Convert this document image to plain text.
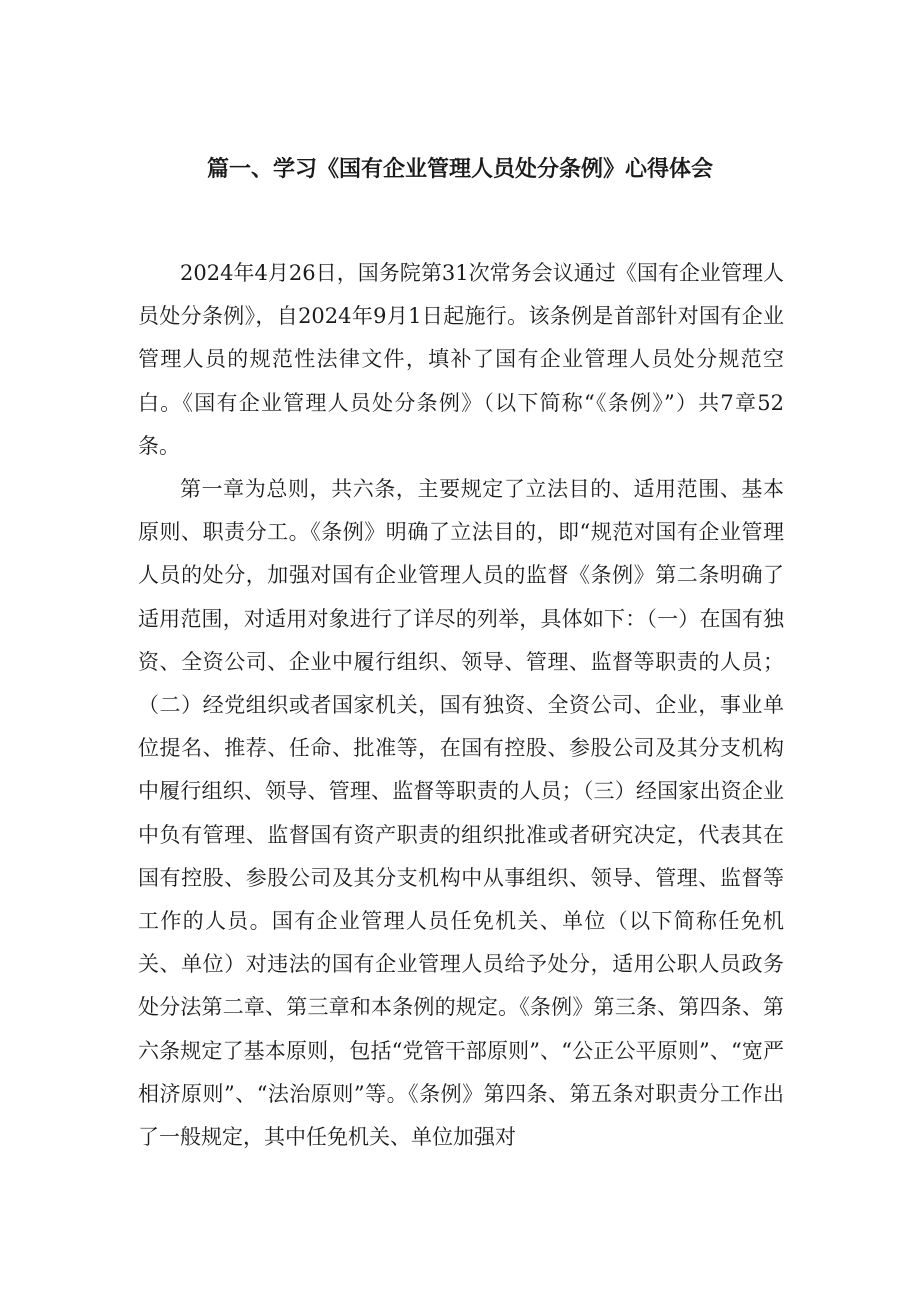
篇一、学习《国有企业管理人员处分条例》心得体会

2024年4月26日，国务院第31次常务会议通过《国有企业管理人员处分条例》，自2024年9月1日起施行。该条例是首部针对国有企业管理人员的规范性法律文件，填补了国有企业管理人员处分规范空白。《国有企业管理人员处分条例》（以下简称“《条例》”）共7章52条。

第一章为总则，共六条，主要规定了立法目的、适用范围、基本原则、职责分工。《条例》明确了立法目的，即“规范对国有企业管理人员的处分，加强对国有企业管理人员的监督《条例》第二条明确了适用范围，对适用对象进行了详尽的列举，具体如下：（一）在国有独资、全资公司、企业中履行组织、领导、管理、监督等职责的人员；（二）经党组织或者国家机关，国有独资、全资公司、企业，事业单位提名、推荐、任命、批准等，在国有控股、参股公司及其分支机构中履行组织、领导、管理、监督等职责的人员；（三）经国家出资企业中负有管理、监督国有资产职责的组织批准或者研究决定，代表其在国有控股、参股公司及其分支机构中从事组织、领导、管理、监督等工作的人员。国有企业管理人员任免机关、单位（以下简称任免机关、单位）对违法的国有企业管理人员给予处分，适用公职人员政务处分法第二章、第三章和本条例的规定。《条例》第三条、第四条、第六条规定了基本原则，包括“党管干部原则”、“公正公平原则”、“宽严相济原则”、“法治原则”等。《条例》第四条、第五条对职责分工作出了一般规定，其中任免机关、单位加强对
